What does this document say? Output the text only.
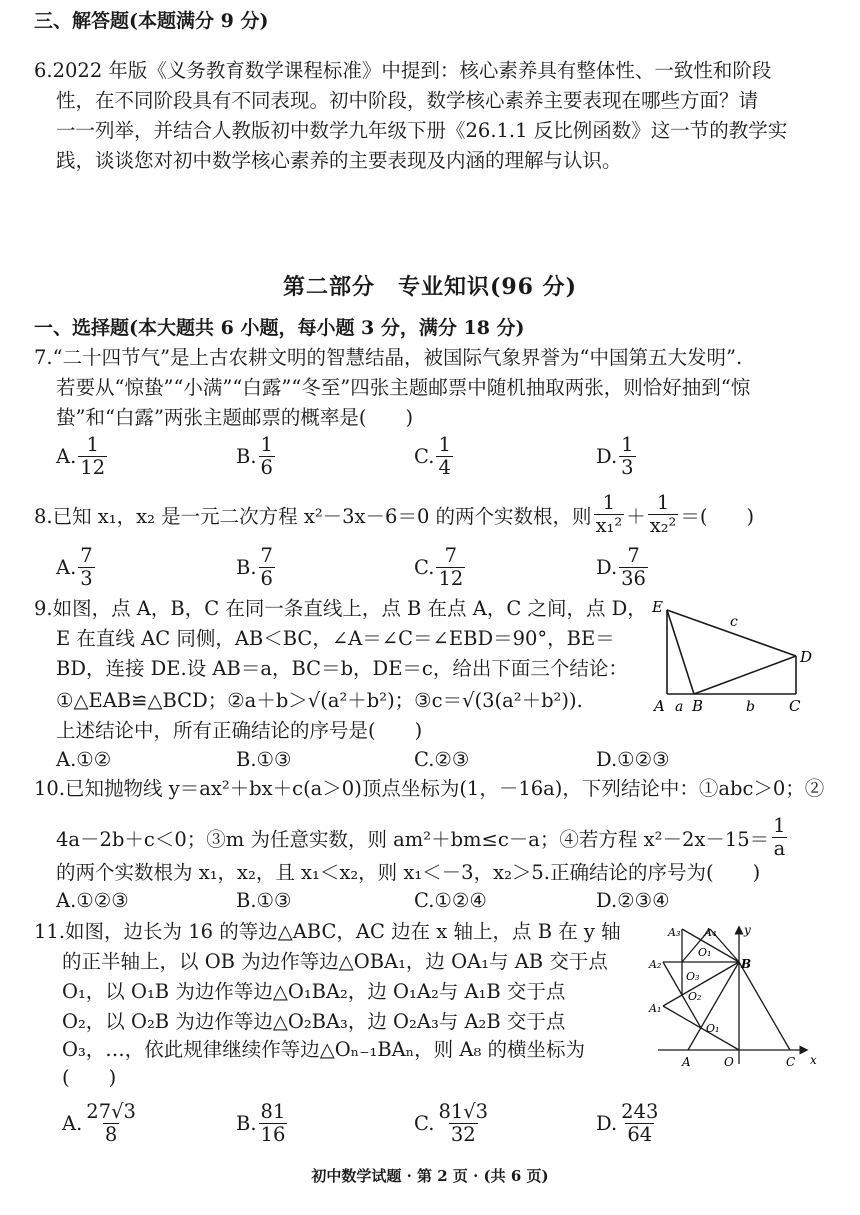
三、解答题(本题满分 9 分)
6.2022 年版《义务教育数学课程标准》中提到：核心素养具有整体性、一致性和阶段
性，在不同阶段具有不同表现。初中阶段，数学核心素养主要表现在哪些方面？请
一一列举，并结合人教版初中数学九年级下册《26.1.1 反比例函数》这一节的教学实
践，谈谈您对初中数学核心素养的主要表现及内涵的理解与认识。
第二部分　专业知识(96 分)
一、选择题(本大题共 6 小题，每小题 3 分，满分 18 分)
7.“二十四节气”是上古农耕文明的智慧结晶，被国际气象界誉为“中国第五大发明”.
若要从“惊蛰”“小满”“白露”“冬至”四张主题邮票中随机抽取两张，则恰好抽到“惊
蛰”和“白露”两张主题邮票的概率是(　　)
A. $\frac{1}{12}$	B. $\frac{1}{6}$	C. $\frac{1}{4}$	D. $\frac{1}{3}$
8.已知 x₁，x₂ 是一元二次方程 x²－3x－6＝0 的两个实数根，则 $\frac{1}{\text{x₁²}} + \frac{1}{\text{x₂²}}$ ＝(　　)
A. $\frac{7}{3}$	B. $\frac{7}{6}$	C. $\frac{7}{12}$	D. $\frac{7}{36}$
9.如图，点 A，B，C 在同一条直线上，点 B 在点 A，C 之间，点 D，
E 在直线 AC 同侧，AB＜BC，∠A＝∠C＝∠EBD＝90°，BE＝
BD，连接 DE.设 AB＝a，BC＝b，DE＝c，给出下面三个结论：
①△EAB≌△BCD；②a＋b＞√(a²＋b²)；③c＝√(3(a²＋b²)).
上述结论中，所有正确结论的序号是(　　)
A.①②	B.①③	C.②③	D.①②③
E
D
A B	C
a	b
c
10.已知抛物线 y＝ax²＋bx＋c(a＞0)顶点坐标为(1，－16a)，下列结论中：①abc＞0；②
4a－2b＋c＜0；③m 为任意实数，则 am²＋bm≤c－a；④若方程 $x^2-2x-15= \frac{1}{a}$
的两个实数根为 x₁，x₂，且 x₁＜x₂，则 x₁＜－3，x₂＞5.正确结论的序号为(　　)
A.①②③	B.①③	C.①②④	D.②③④
11.如图，边长为 16 的等边△ABC，AC 边在 x 轴上，点 B 在 y 轴
的正半轴上，以 OB 为边作等边△OBA₁，边 OA₁与 AB 交于点
O₁，以 O₁B 为边作等边△O₁BA₂，边 O₁A₂与 A₁B 交于点
O₂，以 O₂B 为边作等边△O₂BA₃，边 O₂A₃与 A₂B 交于点
O₃，…，依此规律继续作等边△Oₙ₋₁BAₙ，则 A₈ 的横坐标为
(　　)
A. $\frac{27√3}{8}$	B. $\frac{81}{16}$	C. $\frac{81√3}{32}$	D. $\frac{243}{64}$
x
y
A	O	C
B
A₁
A₂
A₃ A₄
O₁
O₂
O₃
O₁
初中数学试题 · 第 2 页 · (共 6 页)
